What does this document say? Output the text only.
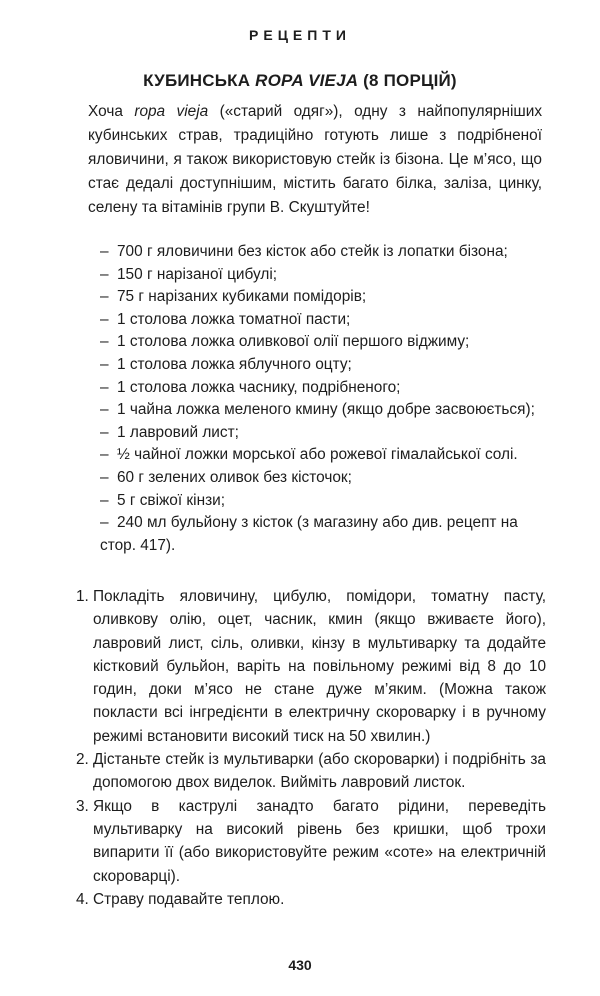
РЕЦЕПТИ
КУБИНСЬКА ROPA VIEJA (8 ПОРЦІЙ)

Хоча ropa vieja («старий одяг»), одну з найпопулярніших кубинських страв, традиційно готують лише з подрібненої яловичини, я також використовую стейк із бізона. Це м’ясо, що стає дедалі доступнішим, містить багато білка, заліза, цинку, селену та вітамінів групи В. Скуштуйте!

– 700 г яловичини без кісток або стейк із лопатки бізона;
– 150 г нарізаної цибулі;
– 75 г нарізаних кубиками помідорів;
– 1 столова ложка томатної пасти;
– 1 столова ложка оливкової олії першого віджиму;
– 1 столова ложка яблучного оцту;
– 1 столова ложка часнику, подрібненого;
– 1 чайна ложка меленого кмину (якщо добре засвоюється);
– 1 лавровий лист;
– ½ чайної ложки морської або рожевої гімалайської солі.
– 60 г зелених оливок без кісточок;
– 5 г свіжої кінзи;
– 240 мл бульйону з кісток (з магазину або див. рецепт на стор. 417).
1. Покладіть яловичину, цибулю, помідори, томатну пасту, оливкову олію, оцет, часник, кмин (якщо вживаєте його), лавровий лист, сіль, оливки, кінзу в мультиварку та додайте кістковий бульйон, варіть на повільному режимі від 8 до 10 годин, доки м’ясо не стане дуже м’яким. (Можна також покласти всі інгредієнти в електричну скороварку і в ручному режимі встановити високий тиск на 50 хвилин.)
2. Дістаньте стейк із мультиварки (або скороварки) і подрібніть за допомогою двох виделок. Вийміть лавровий листок.
3. Якщо в каструлі занадто багато рідини, переведіть мультиварку на високий рівень без кришки, щоб трохи випарити її (або використовуйте режим «соте» на електричній скороварці).
4. Страву подавайте теплою.
430
